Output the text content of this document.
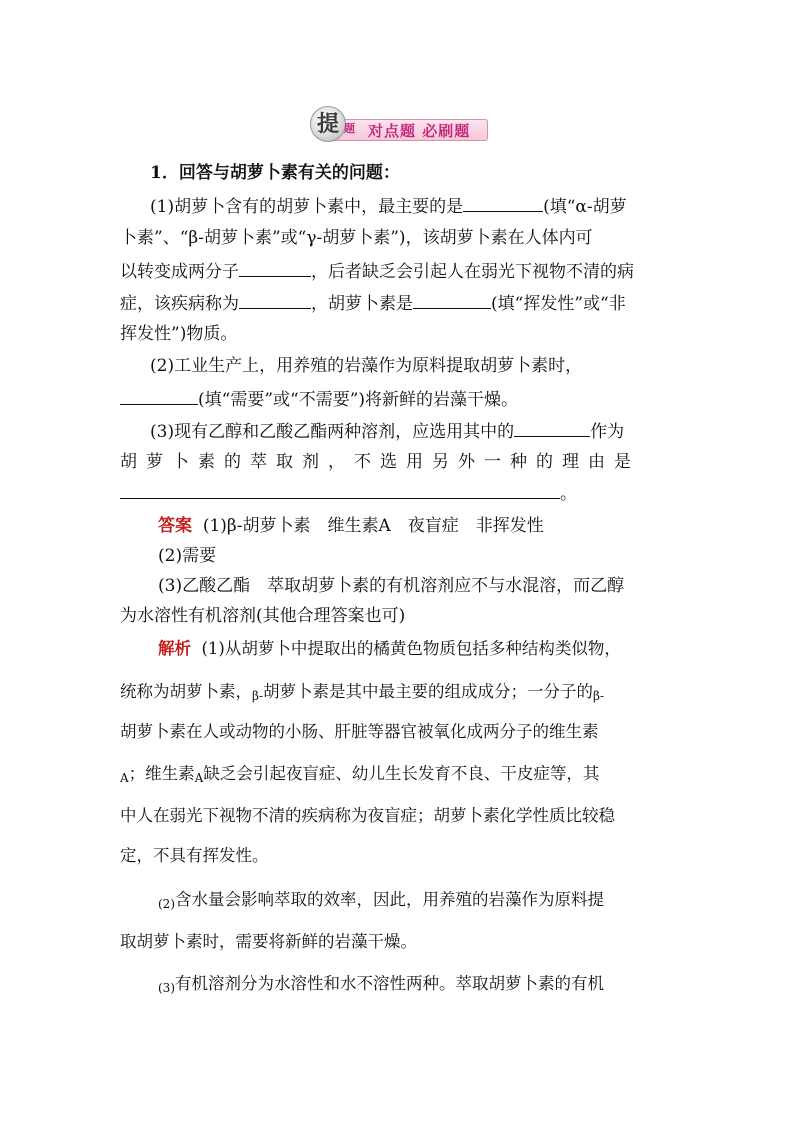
提 题 对点题 必刷题
1．回答与胡萝卜素有关的问题：
(1)胡萝卜含有的胡萝卜素中，最主要的是	(填“α-胡萝
卜素”、“β-胡萝卜素”或“γ-胡萝卜素”)，该胡萝卜素在人体内可
以转变成两分子	，后者缺乏会引起人在弱光下视物不清的病
症，该疾病称为	，胡萝卜素是	(填“挥发性”或“非
挥发性”)物质。
(2)工业生产上，用养殖的岩藻作为原料提取胡萝卜素时，
(填“需要”或“不需要”)将新鲜的岩藻干燥。
(3)现有乙醇和乙酸乙酯两种溶剂，应选用其中的	作为
胡萝卜素的萃取剂，不选用另外一种的理由是
。
答案 (1)β-胡萝卜素　维生素A　夜盲症　非挥发性
(2)需要
(3)乙酸乙酯　萃取胡萝卜素的有机溶剂应不与水混溶，而乙醇
为水溶性有机溶剂(其他合理答案也可)
解析 (1)从胡萝卜中提取出的橘黄色物质包括多种结构类似物，
统称为胡萝卜素，$_{\beta-}$胡萝卜素是其中最主要的组成成分；一分子的$_{\beta-}$
胡萝卜素在人或动物的小肠、肝脏等器官被氧化成两分子的维生素
$_A$；维生素$_A$缺乏会引起夜盲症、幼儿生长发育不良、干皮症等，其
中人在弱光下视物不清的疾病称为夜盲症；胡萝卜素化学性质比较稳
定，不具有挥发性。
$_{(2)}$含水量会影响萃取的效率，因此，用养殖的岩藻作为原料提
取胡萝卜素时，需要将新鲜的岩藻干燥。
$_{(3)}$有机溶剂分为水溶性和水不溶性两种。萃取胡萝卜素的有机
